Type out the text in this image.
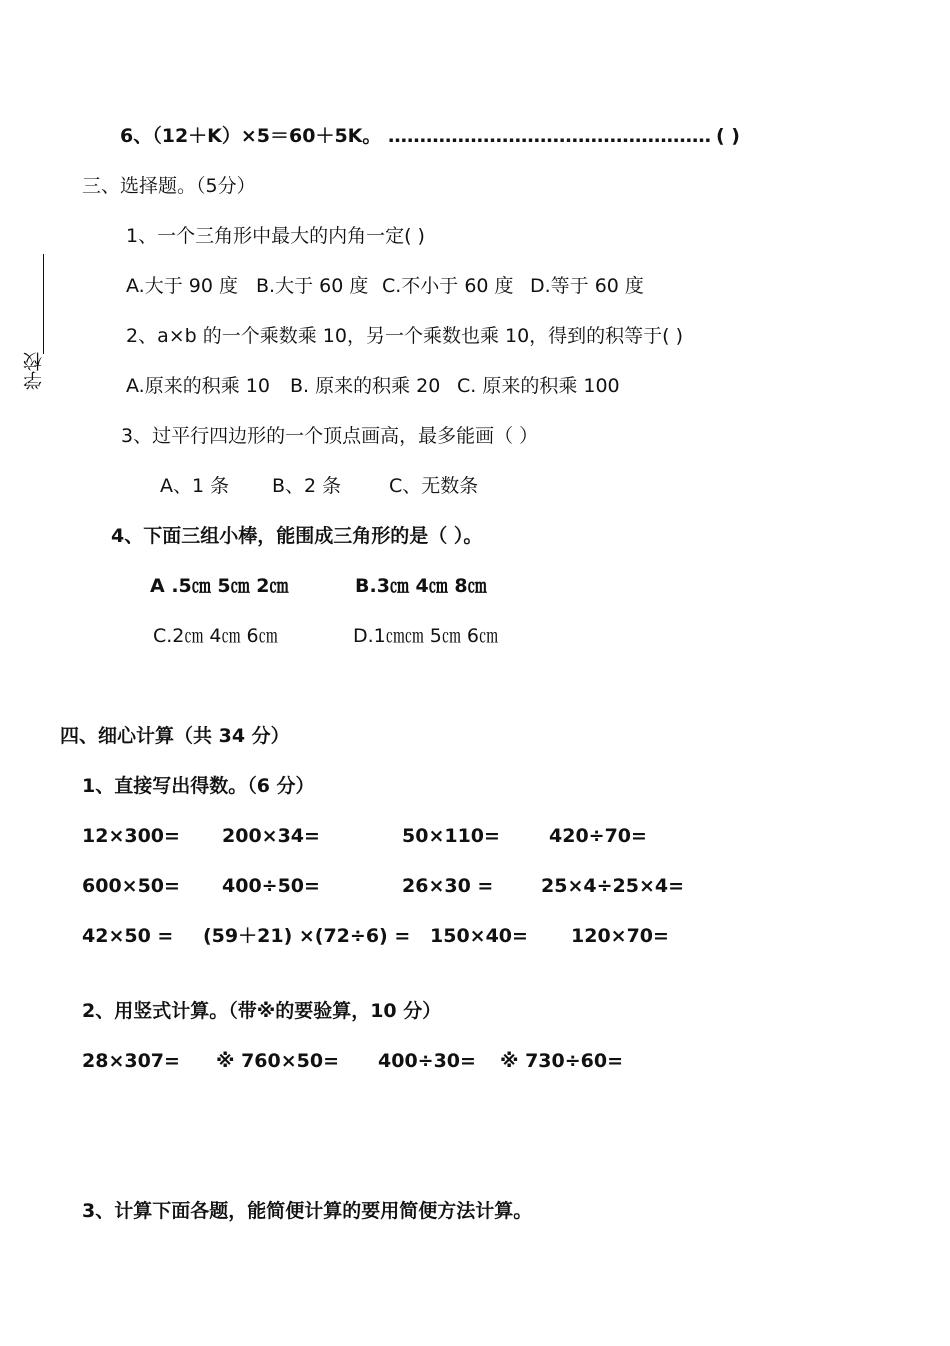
学校
6、（12＋K）×5＝60＋5K。 …………………………………………… ( )
三、选择题。（5分）
1、一个三角形中最大的内角一定( )
A.大于 90 度 B.大于 60 度 C.不小于 60 度 D.等于 60 度
2、a×b 的一个乘数乘 10，另一个乘数也乘 10，得到的积等于( )
A.原来的积乘 10 B. 原来的积乘 20 C. 原来的积乘 100
3、过平行四边形的一个顶点画高，最多能画（ ）
A、1 条 B、2 条	C、无数条
4、下面三组小棒，能围成三角形的是（ ）。
A .5㎝ 5㎝ 2㎝	B.3㎝ 4㎝ 8㎝
C.2㎝ 4㎝ 6㎝	D.1㎝㎝ 5㎝ 6㎝
四、细心计算（共 34 分）
1、直接写出得数。（6 分）
12×300= 200×34=	50×110=	420÷70=
600×50= 400÷50=	26×30 =	25×4÷25×4=
42×50 = (59＋21) ×(72÷6) = 150×40= 120×70=
2、用竖式计算。（带※的要验算，10 分）
28×307= ※ 760×50= 400÷30= ※ 730÷60=
3、计算下面各题，能简便计算的要用简便方法计算。
